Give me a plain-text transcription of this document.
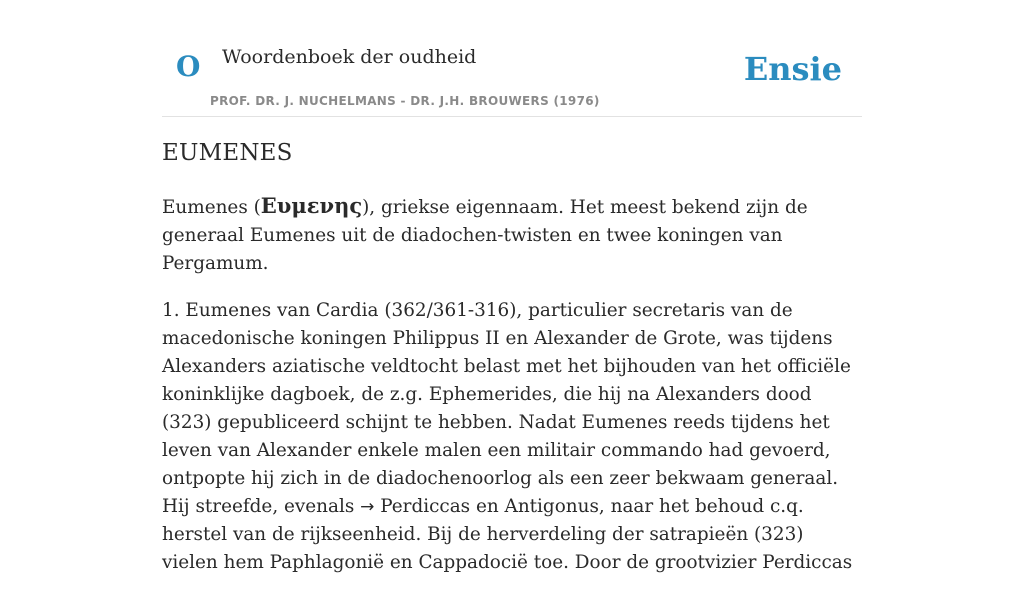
O Woordenboek der oudheid
PROF. DR. J. NUCHELMANS - DR. J.H. BROUWERS (1976)
Ensie
EUMENES

Eumenes (Ευμενης), griekse eigennaam. Het meest bekend zijn de generaal Eumenes uit de diadochen-twisten en twee koningen van Pergamum.

1. Eumenes van Cardia (362/361-316), particulier secretaris van de macedonische koningen Philippus II en Alexander de Grote, was tijdens Alexanders aziatische veldtocht belast met het bijhouden van het officiële koninklijke dagboek, de z.g. Ephemerides, die hij na Alexanders dood (323) gepubliceerd schijnt te hebben. Nadat Eumenes reeds tijdens het leven van Alexander enkele malen een militair commando had gevoerd, ontpopte hij zich in de diadochenoorlog als een zeer bekwaam generaal. Hij streefde, evenals → Perdiccas en Antigonus, naar het behoud c.q. herstel van de rijkseenheid. Bij de herverdeling der satrapieën (323) vielen hem Paphlagonië en Cappadocië toe. Door de grootvizier Perdiccas
